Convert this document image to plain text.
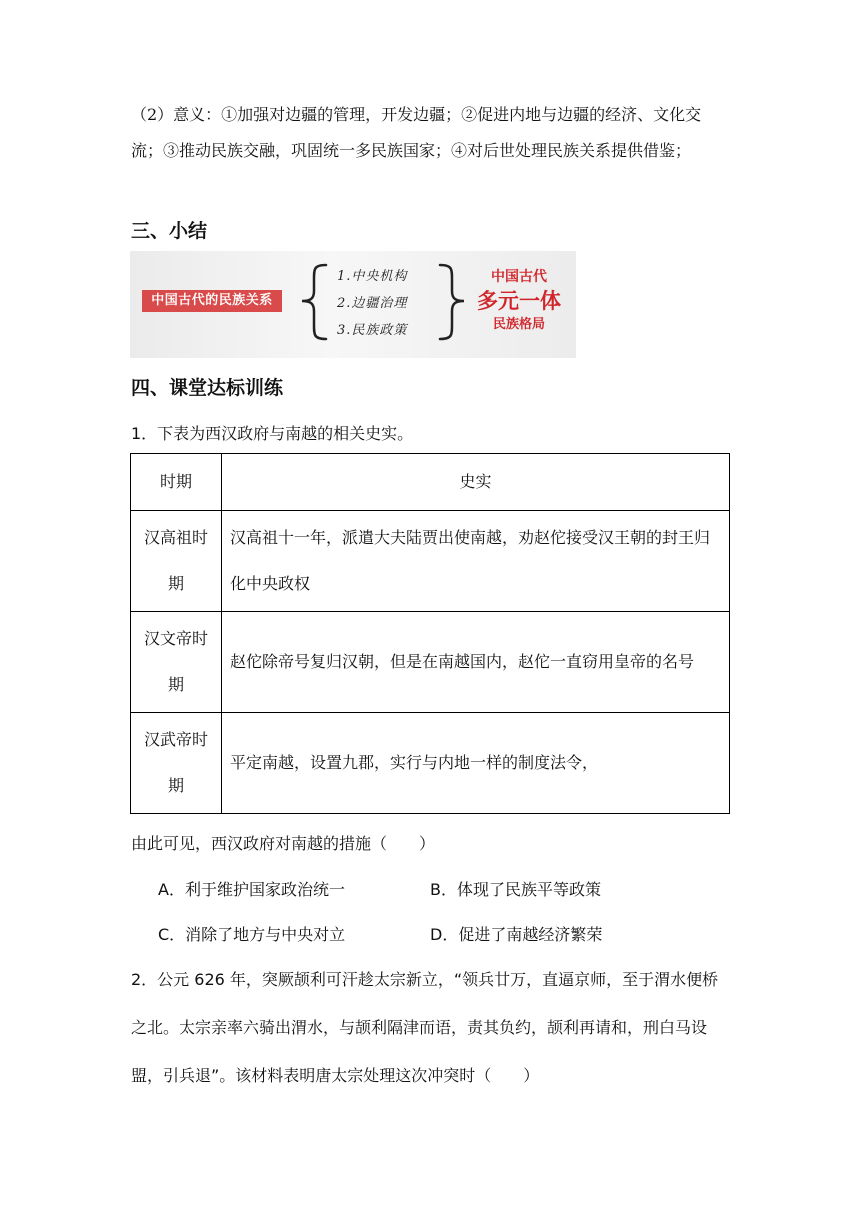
（2）意义：①加强对边疆的管理，开发边疆；②促进内地与边疆的经济、文化交流；③推动民族交融，巩固统一多民族国家；④对后世处理民族关系提供借鉴；

三、小结
中国古代的民族关系
1.中央机构
2.边疆治理
3.民族政策
中国古代
多元一体
民族格局
四、课堂达标训练

1．下表为西汉政府与南越的相关史实。

时期	史实
汉高祖时期	汉高祖十一年，派遣大夫陆贾出使南越，劝赵佗接受汉王朝的封王归化中央政权
汉文帝时期	赵佗除帝号复归汉朝，但是在南越国内，赵佗一直窃用皇帝的名号
汉武帝时期	平定南越，设置九郡，实行与内地一样的制度法令，

由此可见，西汉政府对南越的措施（　　）

A．利于维护国家政治统一	B．体现了民族平等政策
C．消除了地方与中央对立	D．促进了南越经济繁荣

2．公元 626 年，突厥颉利可汗趁太宗新立，“领兵廿万，直逼京师，至于渭水便桥之北。太宗亲率六骑出渭水，与颉利隔津而语，责其负约，颉利再请和，刑白马设盟，引兵退”。该材料表明唐太宗处理这次冲突时（　　）
